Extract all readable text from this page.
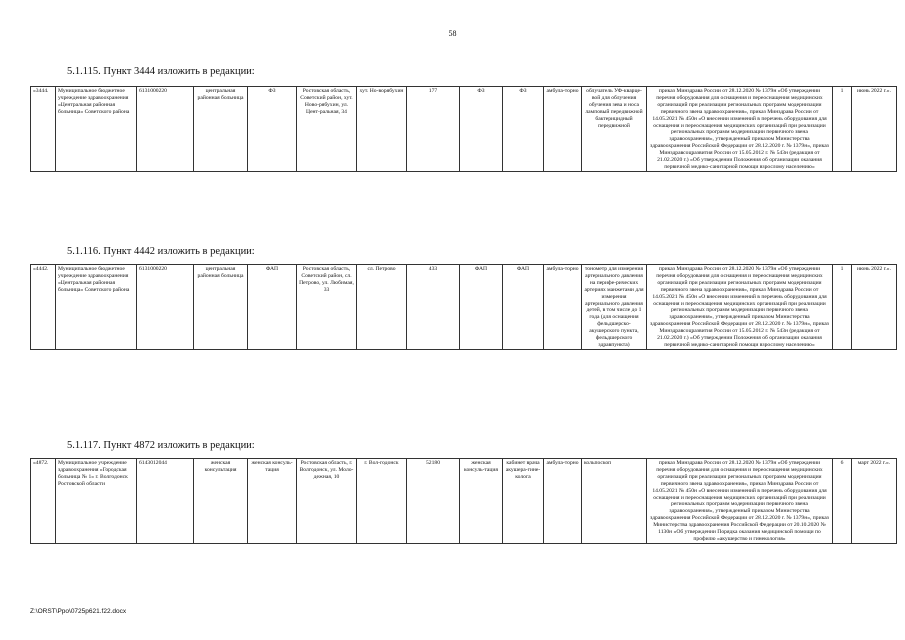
58
5.1.115. Пункт 3444 изложить в редакции:
«3444.	Муниципальное бюджетное учреждение здравоохранения «Центральная районная больница» Советского района	6131000220	центральная районная больница	ФЗ	Ростовская область, Советский район, хут. Ново-рябухин, ул. Цент-ральная, 34	хут. Но-ворябухин	177	ФЗ	ФЗ	амбула-торно	облучатель УФ-кварце-вой для облучения обучения зева и носа ламповый передвижной бактерицидный передвижной	приказ Минздрава России от 28.12.2020 № 1379н «Об утверждении перечня оборудования для оснащения и переоснащения медицинских организаций при реализации региональных программ модернизации первичного звена здравоохранения», приказ Минздрава России от 14.05.2021 № 450н «О внесении изменений в перечень оборудования для оснащения и переоснащения медицинских организаций при реализации региональных программ модернизации первичного звена здравоохранения», утвержденный приказом Министерства здравоохранения Российской Федерации от 28.12.2020 г. № 1379н», приказ Минздравсоцразвития России от 15.05.2012 г. № 543н (редакция от 21.02.2020 г.) «Об утверждении Положения об организации оказания первичной медико-санитарной помощи взрослому населению»	1	июнь 2022 г.».
5.1.116. Пункт 4442 изложить в редакции:
«4442.	Муниципальное бюджетное учреждение здравоохранения «Центральная районная больница» Советского района	6131000220	центральная районная больница	ФАП	Ростовская область, Советский район, сл. Петрово, ул. Любимая, 33	сл. Петрово	433	ФАП	ФАП	амбула-торно	тонометр для измерения артериального давления на перифе-рических артериях манжетами для измерения артериального давления детей, в том числе до 1 года (для оснащения фельдшерско-акушерского пункта, фельдшерского здравпункта)	приказ Минздрава России от 28.12.2020 № 1379н «Об утверждении перечня оборудования для оснащения и переоснащения медицинских организаций при реализации региональных программ модернизации первичного звена здравоохранения», приказ Минздрава России от 14.05.2021 № 450н «О внесении изменений в перечень оборудования для оснащения и переоснащения медицинских организаций при реализации региональных программ модернизации первичного звена здравоохранения», утвержденный приказом Министерства здравоохранения Российской Федерации от 28.12.2020 г. № 1379н», приказ Минздравсоцразвития России от 15.05.2012 г. № 543н (редакция от 21.02.2020 г.) «Об утверждении Положения об организации оказания первичной медико-санитарной помощи взрослому населению»	1	июнь 2022 г.».
5.1.117. Пункт 4872 изложить в редакции:
«4872.	Муниципальное учреждение здравоохранения «Городская больница № 1» г. Волгодонск Ростовской области	6143012044	женская консультация	женская консуль-тация	Ростовская область, г. Волгодонск, ул. Моло-дежная, 10	г. Вол-годонск	52180	женская консуль-тация	кабинет врача акушера-гине-колога	амбула-торно	кольпоскоп	приказ Минздрава России от 28.12.2020 № 1379н «Об утверждении перечня оборудования для оснащения и переоснащения медицинских организаций при реализации региональных программ модернизации первичного звена здравоохранения», приказ Минздрава России от 14.05.2021 № 450н «О внесении изменений в перечень оборудования для оснащения и переоснащения медицинских организаций при реализации региональных программ модернизации первичного звена здравоохранения», утвержденный приказом Министерства здравоохранения Российской Федерации от 28.12.2020 г. № 1379н», приказ Министерства здравоохранения Российской Федерации от 20.10.2020 № 1130н «Об утверждении Порядка оказания медицинской помощи по профилю «акушерство и гинекология»	6	март 2022 г.».
Z:\ORST\Ppo\0725p621.f22.docx
